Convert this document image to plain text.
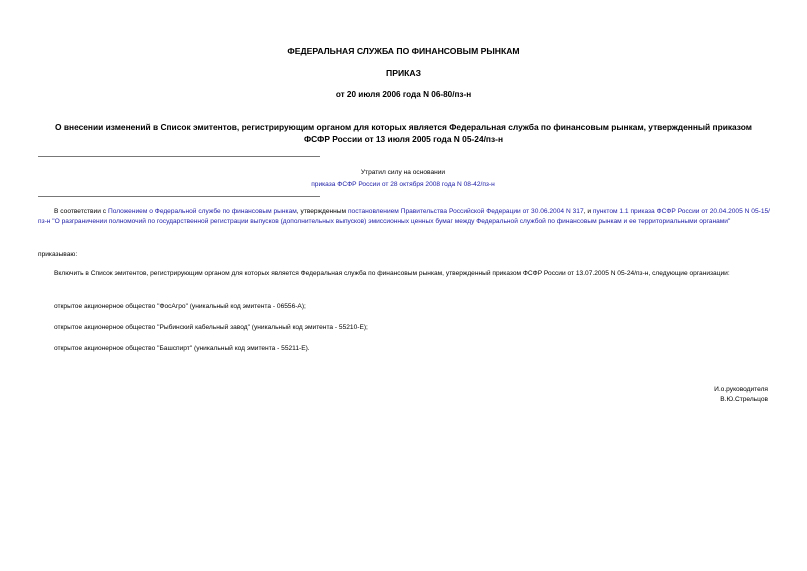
ФЕДЕРАЛЬНАЯ СЛУЖБА ПО ФИНАНСОВЫМ РЫНКАМ
ПРИКАЗ
от 20 июля 2006 года N 06-80/пз-н
О внесении изменений в Список эмитентов, регистрирующим органом для которых является Федеральная служба по финансовым рынкам, утвержденный приказом ФСФР России от 13 июля 2005 года N 05-24/пз-н
Утратил силу на основании
приказа ФСФР России от 28 октября 2008 года N 08-42/пз-н
В соответствии с Положением о Федеральной службе по финансовым рынкам, утвержденным постановлением Правительства Российской Федерации от 30.06.2004 N 317, и пунктом 1.1 приказа ФСФР России от 20.04.2005 N 05-15/пз-н "О разграничении полномочий по государственной регистрации выпусков (дополнительных выпусков) эмиссионных ценных бумаг между Федеральной службой по финансовым рынкам и ее территориальными органами"
приказываю:
Включить в Список эмитентов, регистрирующим органом для которых является Федеральная служба по финансовым рынкам, утвержденный приказом ФСФР России от 13.07.2005 N 05-24/пз-н, следующие организации:
открытое акционерное общество "ФосАгро" (уникальный код эмитента - 06556-А);
открытое акционерное общество "Рыбинский кабельный завод" (уникальный код эмитента - 55210-Е);
открытое акционерное общество "Башспирт" (уникальный код эмитента - 55211-Е).
И.о.руководителя
В.Ю.Стрельцов
